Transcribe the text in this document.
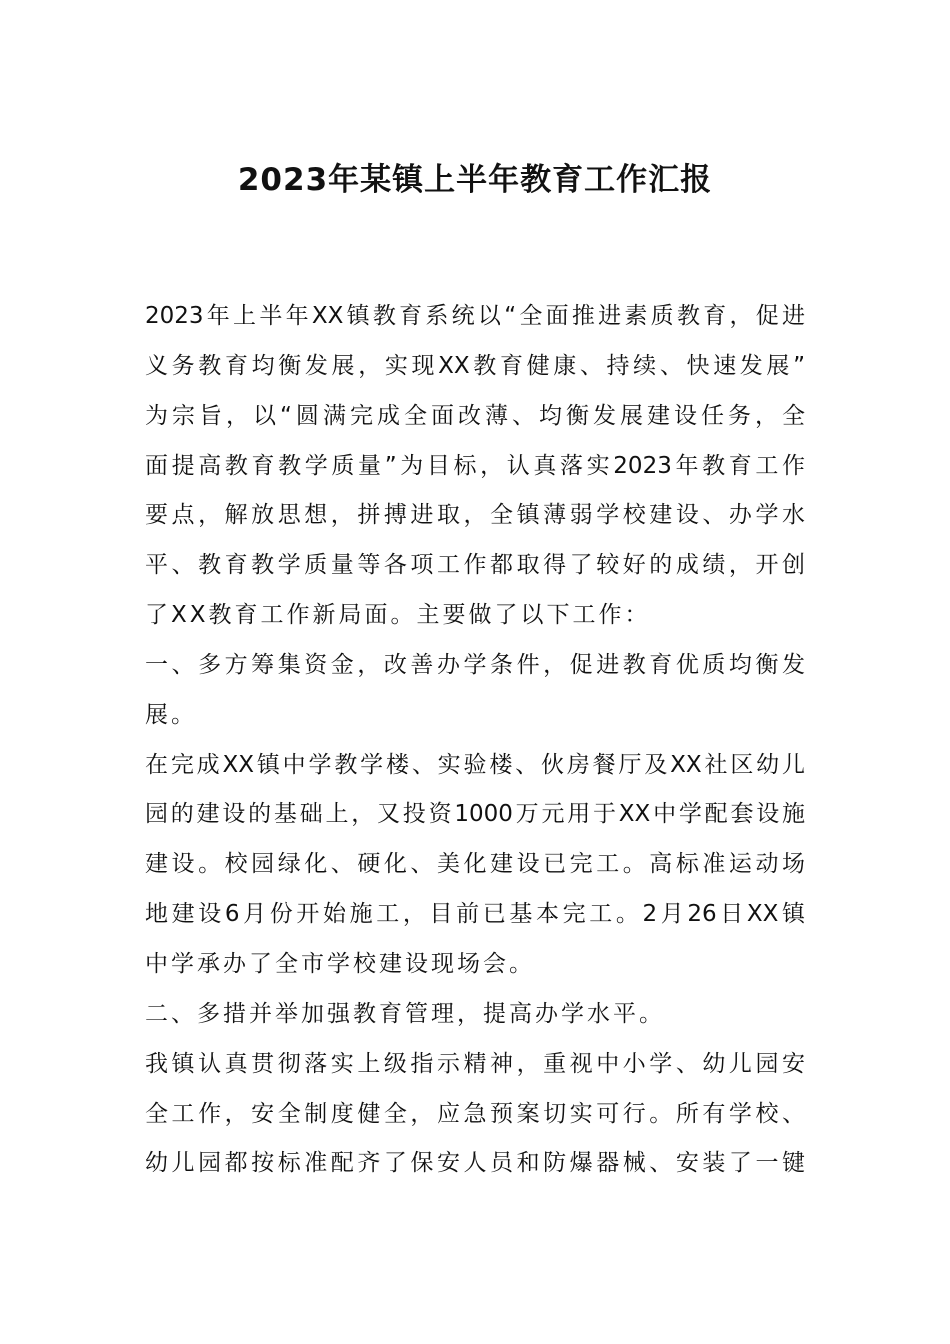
2023年某镇上半年教育工作汇报
2023年上半年XX镇教育系统以“全面推进素质教育，促进
义务教育均衡发展，实现XX教育健康、持续、快速发展”
为宗旨，以“圆满完成全面改薄、均衡发展建设任务，全
面提高教育教学质量”为目标，认真落实2023年教育工作
要点，解放思想，拼搏进取，全镇薄弱学校建设、办学水
平、教育教学质量等各项工作都取得了较好的成绩，开创
了XX教育工作新局面。主要做了以下工作：
一、多方筹集资金，改善办学条件，促进教育优质均衡发
展。
在完成XX镇中学教学楼、实验楼、伙房餐厅及XX社区幼儿
园的建设的基础上，又投资1000万元用于XX中学配套设施
建设。校园绿化、硬化、美化建设已完工。高标准运动场
地建设6月份开始施工，目前已基本完工。2月26日XX镇
中学承办了全市学校建设现场会。
二、多措并举加强教育管理，提高办学水平。
我镇认真贯彻落实上级指示精神，重视中小学、幼儿园安
全工作，安全制度健全，应急预案切实可行。所有学校、
幼儿园都按标准配齐了保安人员和防爆器械、安装了一键
